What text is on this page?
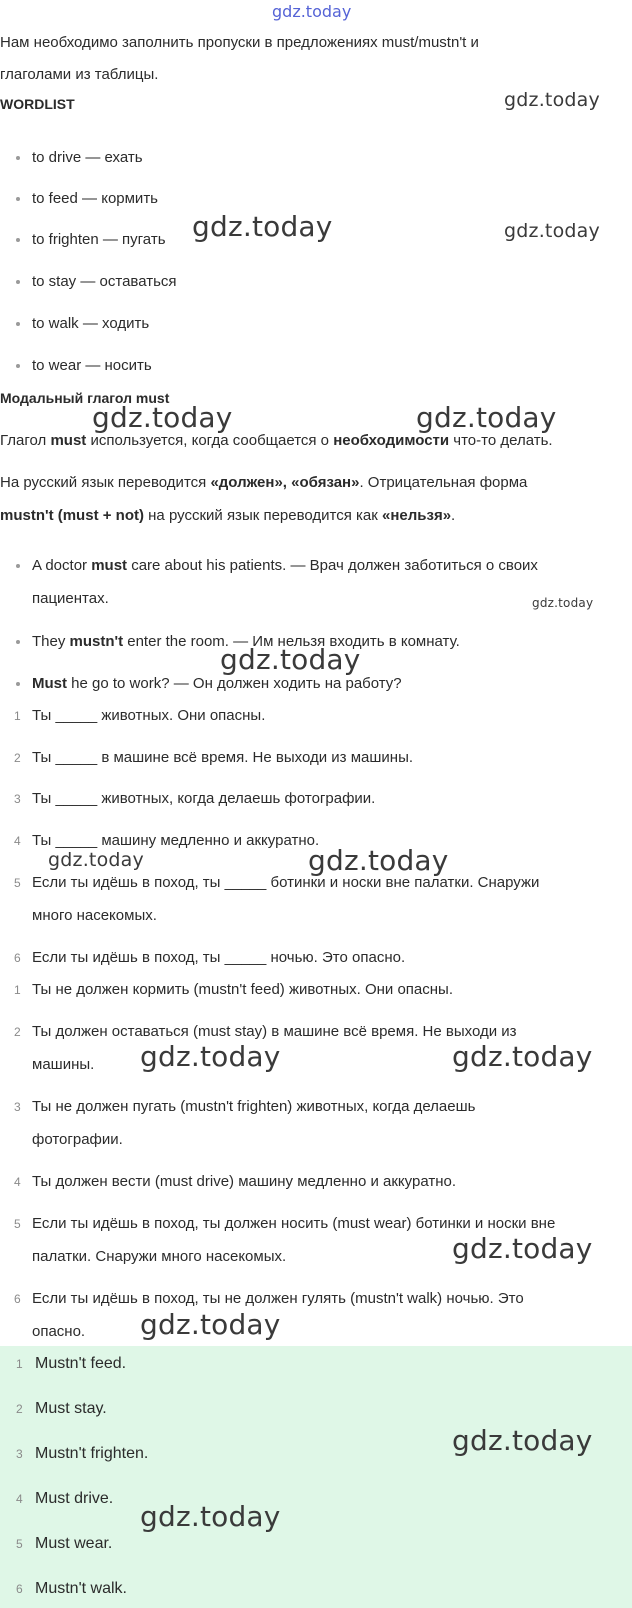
gdz.today
Нам необходимо заполнить пропуски в предложениях must/mustn't и
глаголами из таблицы.
WORDLIST
to drive — ехать
to feed — кормить
to frighten — пугать
to stay — оставаться
to walk — ходить
to wear — носить
Модальный глагол must
Глагол must используется, когда сообщается о необходимости что-то делать.
На русский язык переводится «должен», «обязан». Отрицательная форма
mustn't (must + not) на русский язык переводится как «нельзя».
A doctor must care about his patients. — Врач должен заботиться о своих
пациентах.
They mustn't enter the room. — Им нельзя входить в комнату.
Must he go to work? — Он должен ходить на работу?
1 Ты _____ животных. Они опасны.
2 Ты _____ в машине всё время. Не выходи из машины.
3 Ты _____ животных, когда делаешь фотографии.
4 Ты _____ машину медленно и аккуратно.
5 Если ты идёшь в поход, ты _____ ботинки и носки вне палатки. Снаружи
много насекомых.
6 Если ты идёшь в поход, ты _____ ночью. Это опасно.
1 Ты не должен кормить (mustn't feed) животных. Они опасны.
2 Ты должен оставаться (must stay) в машине всё время. Не выходи из
машины.
3 Ты не должен пугать (mustn't frighten) животных, когда делаешь
фотографии.
4 Ты должен вести (must drive) машину медленно и аккуратно.
5 Если ты идёшь в поход, ты должен носить (must wear) ботинки и носки вне
палатки. Снаружи много насекомых.
6 Если ты идёшь в поход, ты не должен гулять (mustn't walk) ночью. Это
опасно.
1 Mustn't feed.
2 Must stay.
3 Mustn't frighten.
4 Must drive.
5 Must wear.
6 Mustn't walk.
gdz.today
gdz.today	gdz.today
gdz.today	gdz.today
gdz.today
gdz.today
gdz.today	gdz.today
gdz.today	gdz.today
gdz.today
gdz.today
gdz.today
gdz.today
